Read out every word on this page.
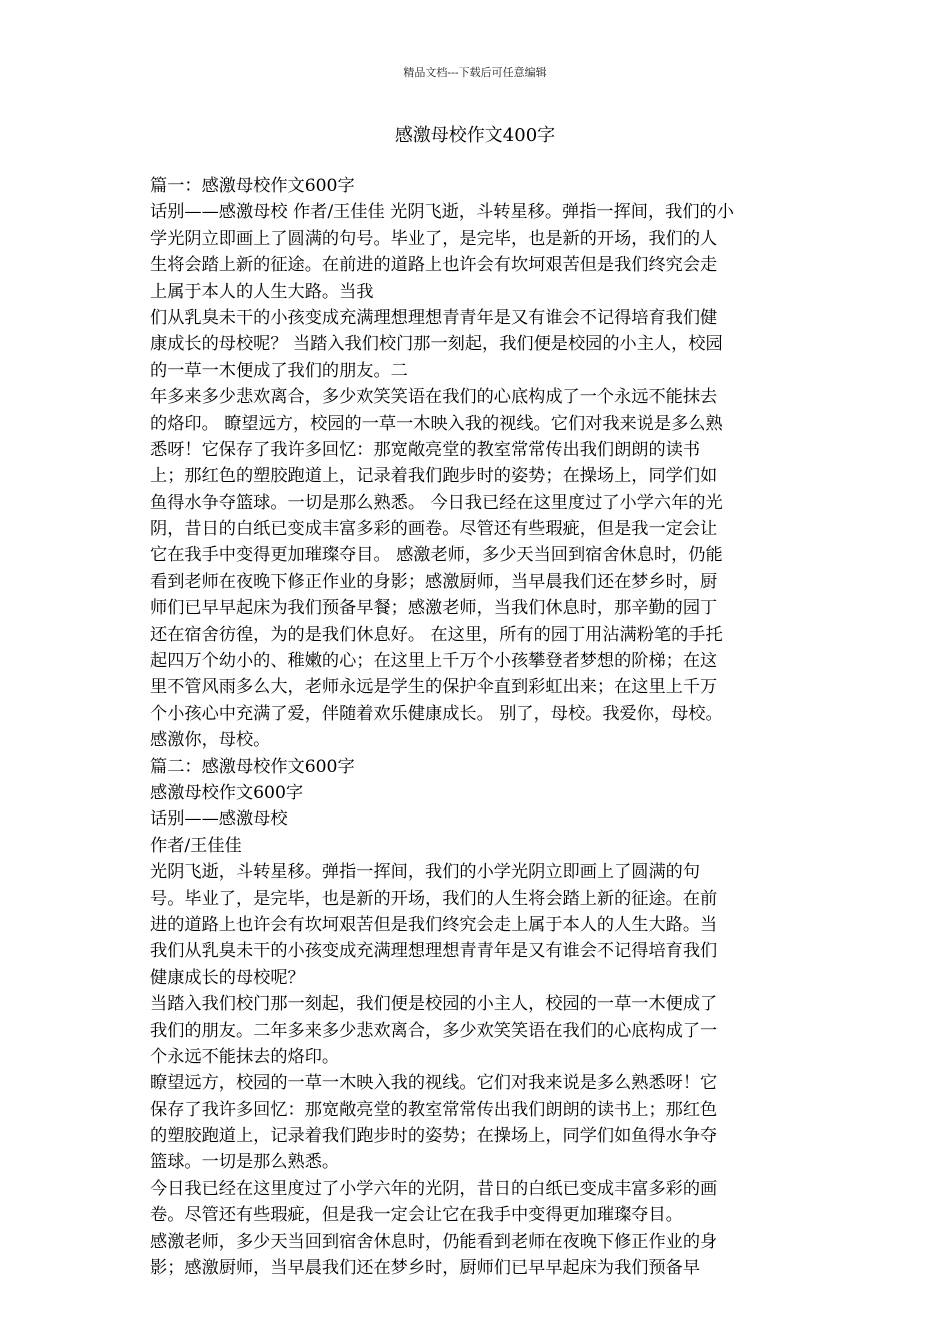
精品文档---下载后可任意编辑
感激母校作文400字
篇一：感激母校作文600字
话别——感激母校 作者/王佳佳 光阴飞逝，斗转星移。弹指一挥间，我们的小
学光阴立即画上了圆满的句号。毕业了，是完毕，也是新的开场，我们的人
生将会踏上新的征途。在前进的道路上也许会有坎坷艰苦但是我们终究会走
上属于本人的人生大路。当我
们从乳臭未干的小孩变成充满理想理想青青年是又有谁会不记得培育我们健
康成长的母校呢？ 当踏入我们校门那一刻起，我们便是校园的小主人，校园
的一草一木便成了我们的朋友。二
年多来多少悲欢离合，多少欢笑笑语在我们的心底构成了一个永远不能抹去
的烙印。 瞭望远方，校园的一草一木映入我的视线。它们对我来说是多么熟
悉呀！它保存了我许多回忆：那宽敞亮堂的教室常常传出我们朗朗的读书
上；那红色的塑胶跑道上，记录着我们跑步时的姿势；在操场上，同学们如
鱼得水争夺篮球。一切是那么熟悉。 今日我已经在这里度过了小学六年的光
阴，昔日的白纸已变成丰富多彩的画卷。尽管还有些瑕疵，但是我一定会让
它在我手中变得更加璀璨夺目。 感激老师，多少天当回到宿舍休息时，仍能
看到老师在夜晚下修正作业的身影；感激厨师，当早晨我们还在梦乡时，厨
师们已早早起床为我们预备早餐；感激老师，当我们休息时，那辛勤的园丁
还在宿舍彷徨，为的是我们休息好。 在这里，所有的园丁用沾满粉笔的手托
起四万个幼小的、稚嫩的心；在这里上千万个小孩攀登者梦想的阶梯；在这
里不管风雨多么大，老师永远是学生的保护伞直到彩虹出来；在这里上千万
个小孩心中充满了爱，伴随着欢乐健康成长。 别了，母校。我爱你，母校。
感激你，母校。
篇二：感激母校作文600字
感激母校作文600字
话别——感激母校
作者/王佳佳
光阴飞逝，斗转星移。弹指一挥间，我们的小学光阴立即画上了圆满的句
号。毕业了，是完毕，也是新的开场，我们的人生将会踏上新的征途。在前
进的道路上也许会有坎坷艰苦但是我们终究会走上属于本人的人生大路。当
我们从乳臭未干的小孩变成充满理想理想青青年是又有谁会不记得培育我们
健康成长的母校呢？
当踏入我们校门那一刻起，我们便是校园的小主人，校园的一草一木便成了
我们的朋友。二年多来多少悲欢离合，多少欢笑笑语在我们的心底构成了一
个永远不能抹去的烙印。
瞭望远方，校园的一草一木映入我的视线。它们对我来说是多么熟悉呀！它
保存了我许多回忆：那宽敞亮堂的教室常常传出我们朗朗的读书上；那红色
的塑胶跑道上，记录着我们跑步时的姿势；在操场上，同学们如鱼得水争夺
篮球。一切是那么熟悉。
今日我已经在这里度过了小学六年的光阴，昔日的白纸已变成丰富多彩的画
卷。尽管还有些瑕疵，但是我一定会让它在我手中变得更加璀璨夺目。
感激老师，多少天当回到宿舍休息时，仍能看到老师在夜晚下修正作业的身
影；感激厨师，当早晨我们还在梦乡时，厨师们已早早起床为我们预备早
